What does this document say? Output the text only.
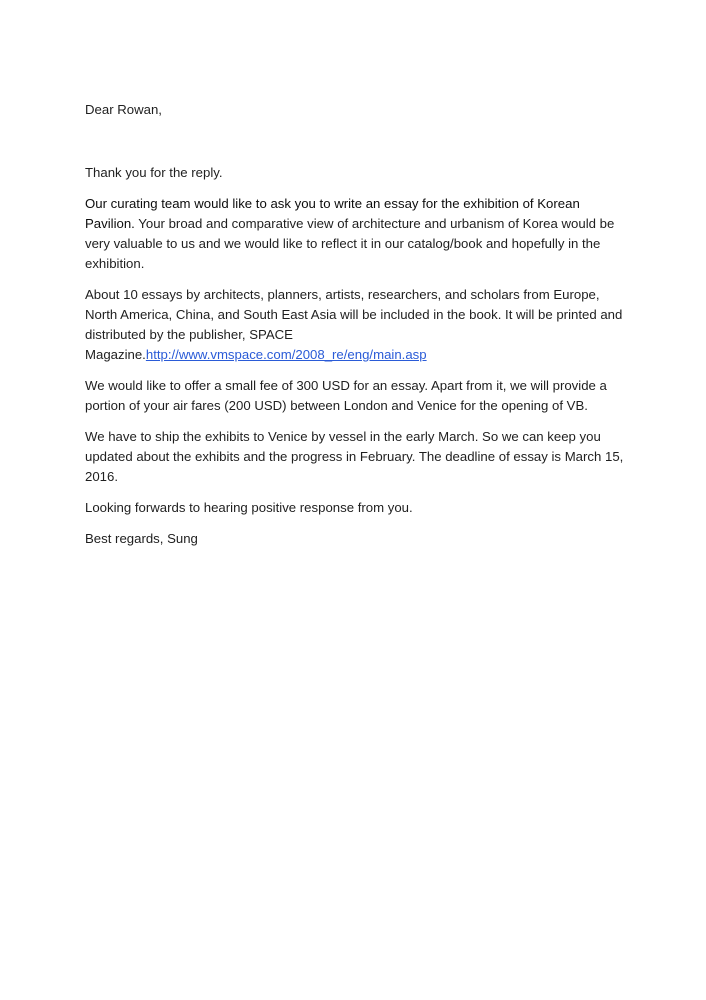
Dear Rowan,

Thank you for the reply.

Our curating team would like to ask you to write an essay for the exhibition of Korean Pavilion. Your broad and comparative view of architecture and urbanism of Korea would be very valuable to us and we would like to reflect it in our catalog/book and hopefully in the exhibition.

About 10 essays by architects, planners, artists, researchers, and scholars from Europe, North America, China, and South East Asia will be included in the book. It will be printed and distributed by the publisher, SPACE Magazine.http://www.vmspace.com/2008_re/eng/main.asp

We would like to offer a small fee of 300 USD for an essay. Apart from it, we will provide a portion of your air fares (200 USD) between London and Venice for the opening of VB.

We have to ship the exhibits to Venice by vessel in the early March. So we can keep you updated about the exhibits and the progress in February. The deadline of essay is March 15, 2016.

Looking forwards to hearing positive response from you.

Best regards, Sung
